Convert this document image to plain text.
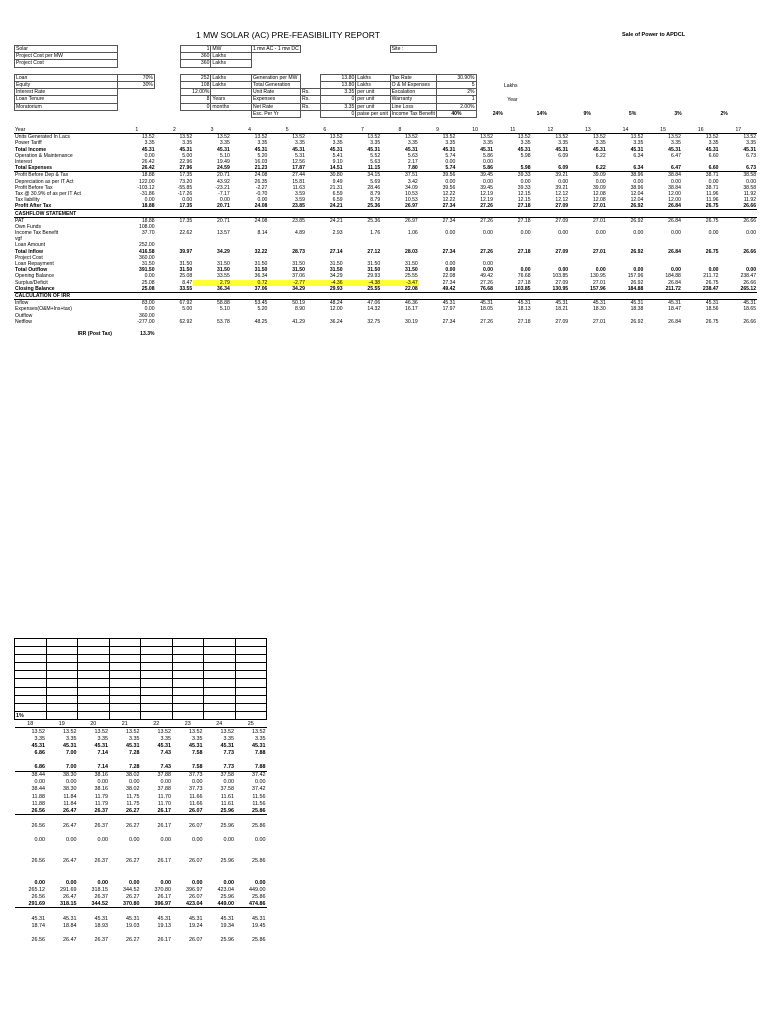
1 MW SOLAR (AC) PRE-FEASIBILITY REPORT	Sale of Power to APDCL
Solar			1	MW	1 mw AC - 1 mw DC				Site :							
Project Cost per MW			360	Lakhs												
Project Cost			360	Lakhs												

Loan	70%		252	Lakhs	Generation per MW		13.80	Lakhs	Tax Rate	30.90%						
Equity	30%		108	Lakhs	Total Generation		13.80	Lakhs	O & M Expenses	5	Lakhs					
Interest Rate			12.00%		Unit Rate	Rs.	3.35	per unit	Escalation	2%						
Loan Tenure			8	Years	Expenses	Rs.	0	per unit	Warranty	1	Year					
Moratorium			0	months	Net Rate	Rs.	3.35	per unit	Line Loss	2.00%						
					Esc. Per Yr		0	paise per unit	Income Tax Benefit	40%	24%	14%	9%	5%	3%	2%
Year	1	2	3	4	5	6	7	8	9	10	11	12	13	14	15	16	17
Units Generated In Lacs	13.52	13.52	13.52	13.52	13.52	13.52	13.52	13.52	13.52	13.52	13.52	13.52	13.52	13.52	13.52	13.52	13.52
Power Tariff	3.35	3.35	3.35	3.35	3.35	3.35	3.35	3.35	3.35	3.35	3.35	3.35	3.35	3.35	3.35	3.35	3.35
Total Income	45.31	45.31	45.31	45.31	45.31	45.31	45.31	45.31	45.31	45.31	45.31	45.31	45.31	45.31	45.31	45.31	45.31
Operation & Maintenance	0.00	5.00	5.10	5.20	5.31	5.41	5.52	5.63	5.74	5.86	5.98	6.09	6.22	6.34	6.47	6.60	6.73
Interest	26.42	22.96	19.49	16.03	12.56	9.10	5.63	2.17	0.00	0.00							
Total Expenses	26.42	27.96	24.59	21.23	17.87	14.51	11.15	7.80	5.74	5.86	5.98	6.09	6.22	6.34	6.47	6.60	6.73
Profit Before Dep & Tax	18.88	17.35	20.71	24.08	27.44	30.80	34.15	37.51	39.56	39.45	39.33	39.21	39.09	38.96	38.84	38.71	38.58
Depreciation as per IT Act	122.00	73.20	43.92	26.35	15.81	9.49	5.69	3.42	0.00	0.00	0.00	0.00	0.00	0.00	0.00	0.00	0.00
Profit Before Tax	-103.12	-55.85	-23.21	-2.27	11.63	21.31	28.46	34.09	39.56	39.45	39.33	39.21	39.09	38.96	38.84	38.71	38.58
Tax @ 30.9% of as per IT Act	-31.86	-17.26	-7.17	-0.70	3.59	6.59	8.79	10.53	12.22	12.19	12.15	12.12	12.08	12.04	12.00	11.96	11.92
Tax liability	0.00	0.00	0.00	0.00	3.59	6.59	8.79	10.53	12.22	12.19	12.15	12.12	12.08	12.04	12.00	11.96	11.92
Profit After Tax	18.88	17.35	20.71	24.08	23.85	24.21	25.36	26.97	27.34	27.26	27.18	27.09	27.01	26.92	26.84	26.75	26.66
CASHFLOW STATEMENT																	
PAT	18.88	17.35	20.71	24.08	23.85	24.21	25.36	26.97	27.34	27.26	27.18	27.09	27.01	26.92	26.84	26.75	26.66
Own Funds	108.00																
Income Tax Benefit	37.70	22.62	13.57	8.14	4.89	2.93	1.76	1.06	0.00	0.00	0.00	0.00	0.00	0.00	0.00	0.00	0.00
vgf																	
Loan Amount	252.00																
Total Inflow	416.58	39.97	34.29	32.22	28.73	27.14	27.12	28.03	27.34	27.26	27.18	27.09	27.01	26.92	26.84	26.75	26.66
Project Cost	360.00																
Loan Repayment	31.50	31.50	31.50	31.50	31.50	31.50	31.50	31.50	0.00	0.00							
Total Outflow	391.50	31.50	31.50	31.50	31.50	31.50	31.50	31.50	0.00	0.00	0.00	0.00	0.00	0.00	0.00	0.00	0.00
Opening Balance	0.00	25.08	33.55	36.34	37.06	34.29	29.93	25.55	22.08	49.42	76.68	103.85	130.95	157.96	184.88	211.72	238.47
Surplus/Deficit	25.08	8.47	2.79	0.72	-2.77	-4.36	-4.38	-3.47	27.34	27.26	27.18	27.09	27.01	26.92	26.84	26.75	26.66
Closing Balance	25.08	33.55	36.34	37.06	34.29	29.93	25.55	22.08	49.42	76.68	103.85	130.95	157.96	184.88	211.72	238.47	265.12
CALCULATION OF IRR																	
Inflow	83.00	67.92	58.88	53.45	50.19	48.24	47.06	46.36	45.31	45.31	45.31	45.31	45.31	45.31	45.31	45.31	45.31
Expenses(O&M+Ins+tax)	0.00	5.00	5.10	5.20	8.90	12.00	14.32	16.17	17.97	18.05	18.13	18.21	18.30	18.38	18.47	18.56	18.65
Outflow	360.00																
Netflow	-277.00	62.92	53.78	48.25	41.29	36.24	32.75	30.19	27.34	27.26	27.18	27.09	27.01	26.92	26.84	26.75	26.66

IRR (Post Tax)	13.3%																

1%							
18	19	20	21	22	23	24	25
13.52	13.52	13.52	13.52	13.52	13.52	13.52	13.52
3.35	3.35	3.35	3.35	3.35	3.35	3.35	3.35
45.31	45.31	45.31	45.31	45.31	45.31	45.31	45.31
6.86	7.00	7.14	7.28	7.43	7.58	7.73	7.88

6.86	7.00	7.14	7.28	7.43	7.58	7.73	7.88
38.44	38.30	38.16	38.02	37.88	37.73	37.58	37.42
0.00	0.00	0.00	0.00	0.00	0.00	0.00	0.00
38.44	38.30	38.16	38.02	37.88	37.73	37.58	37.42
11.88	11.84	11.79	11.75	11.70	11.66	11.61	11.56
11.88	11.84	11.79	11.75	11.70	11.66	11.61	11.56
26.56	26.47	26.37	26.27	26.17	26.07	25.96	25.86

26.56	26.47	26.37	26.27	26.17	26.07	25.96	25.86

0.00	0.00	0.00	0.00	0.00	0.00	0.00	0.00

26.56	26.47	26.37	26.27	26.17	26.07	25.96	25.86

0.00	0.00	0.00	0.00	0.00	0.00	0.00	0.00
265.12	291.69	318.15	344.52	370.80	396.97	423.04	449.00
26.56	26.47	26.37	26.27	26.17	26.07	25.96	25.86
291.69	318.15	344.52	370.80	396.97	423.04	449.00	474.86

45.31	45.31	45.31	45.31	45.31	45.31	45.31	45.31
18.74	18.84	18.93	19.03	19.13	19.24	19.34	19.45

26.56	26.47	26.37	26.27	26.17	26.07	25.96	25.86
